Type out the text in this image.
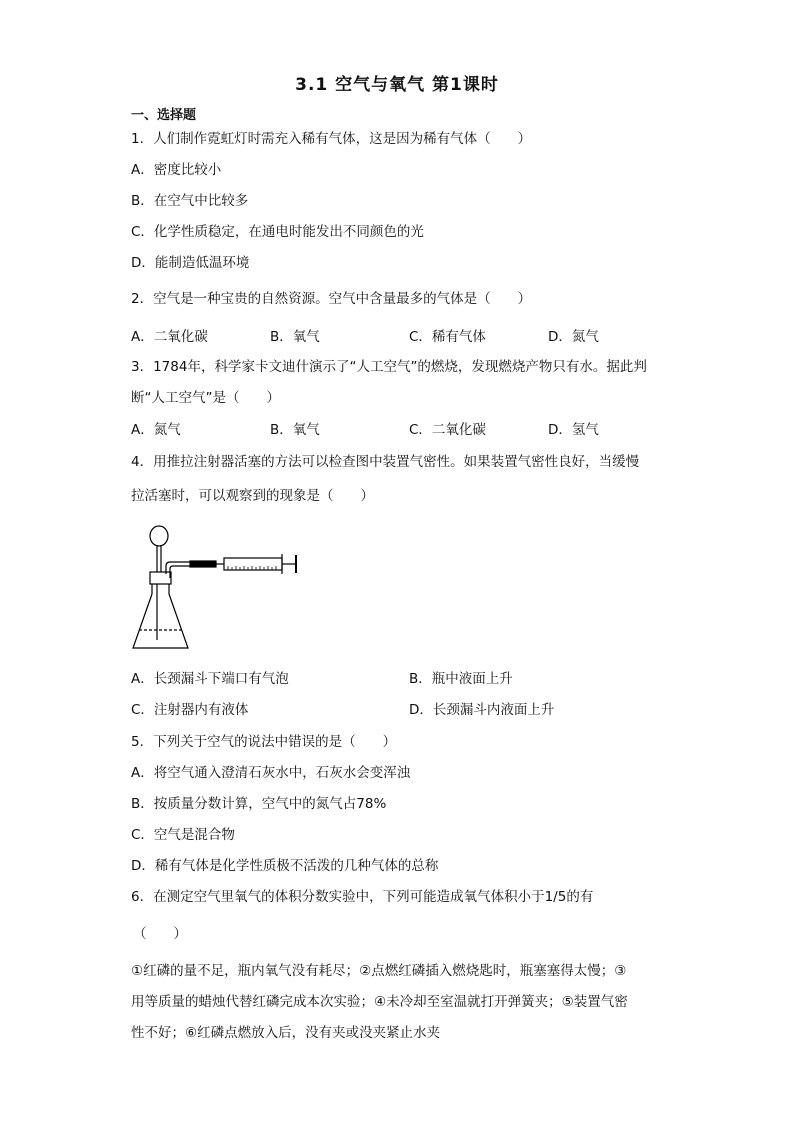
3.1 空气与氧气 第1课时
一、选择题
1．人们制作霓虹灯时需充入稀有气体，这是因为稀有气体（　　）
A．密度比较小
B．在空气中比较多
C．化学性质稳定，在通电时能发出不同颜色的光
D．能制造低温环境
2．空气是一种宝贵的自然资源。空气中含量最多的气体是（　　）
A．二氧化碳	B．氧气	C．稀有气体	D．氮气
3．1784年，科学家卡文迪什演示了“人工空气”的燃烧，发现燃烧产物只有水。据此判
断“人工空气”是（　　）
A．氮气	B．氧气	C．二氧化碳	D．氢气
4．用推拉注射器活塞的方法可以检查图中装置气密性。如果装置气密性良好，当缓慢
拉活塞时，可以观察到的现象是（　　）
A．长颈漏斗下端口有气泡	B．瓶中液面上升
C．注射器内有液体	D．长颈漏斗内液面上升
5．下列关于空气的说法中错误的是（　　）
A．将空气通入澄清石灰水中，石灰水会变浑浊
B．按质量分数计算，空气中的氮气占78%
C．空气是混合物
D．稀有气体是化学性质极不活泼的几种气体的总称
6．在测定空气里氧气的体积分数实验中，下列可能造成氧气体积小于1/5的有
（　　）
①红磷的量不足，瓶内氧气没有耗尽；②点燃红磷插入燃烧匙时，瓶塞塞得太慢；③
用等质量的蜡烛代替红磷完成本次实验；④未冷却至室温就打开弹簧夹；⑤装置气密
性不好；⑥红磷点燃放入后，没有夹或没夹紧止水夹
